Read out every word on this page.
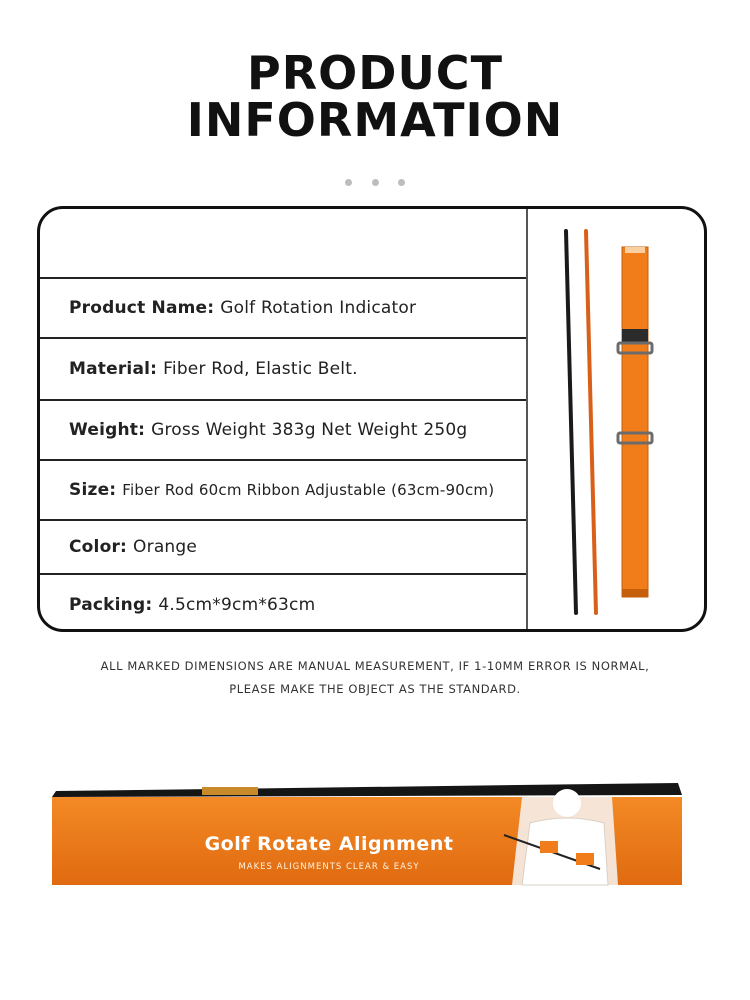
PRODUCT
INFORMATION

Product Name: Golf Rotation Indicator
Material: Fiber Rod, Elastic Belt.
Weight: Gross Weight 383g Net Weight 250g
Size: Fiber Rod 60cm Ribbon Adjustable (63cm-90cm)
Color: Orange
Packing: 4.5cm*9cm*63cm
ALL MARKED DIMENSIONS ARE MANUAL MEASUREMENT, IF 1-10MM ERROR IS NORMAL,
PLEASE MAKE THE OBJECT AS THE STANDARD.
Golf Rotate Alignment
MAKES ALIGNMENTS CLEAR & EASY
